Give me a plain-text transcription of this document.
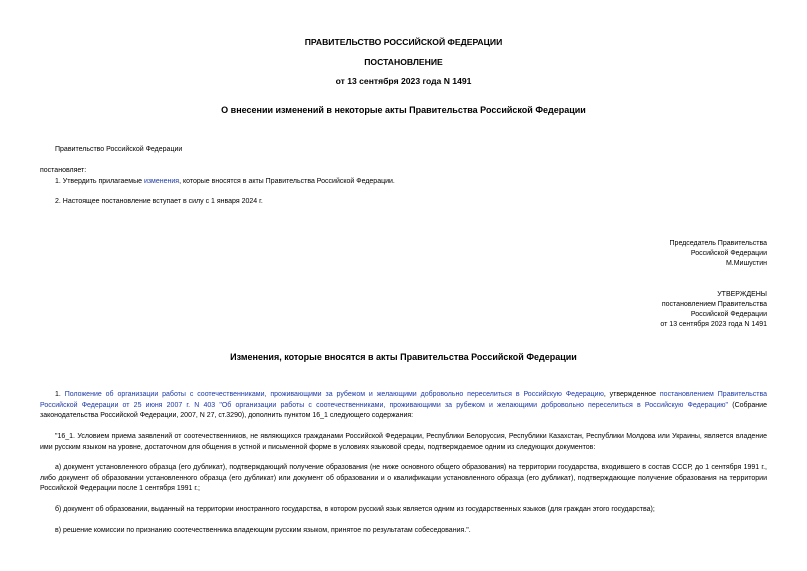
ПРАВИТЕЛЬСТВО РОССИЙСКОЙ ФЕДЕРАЦИИ
ПОСТАНОВЛЕНИЕ
от 13 сентября 2023 года N 1491
О внесении изменений в некоторые акты Правительства Российской Федерации
Правительство Российской Федерации
постановляет:
1. Утвердить прилагаемые изменения, которые вносятся в акты Правительства Российской Федерации.
2. Настоящее постановление вступает в силу с 1 января 2024 г.
Председатель Правительства
Российской Федерации
М.Мишустин
УТВЕРЖДЕНЫ
постановлением Правительства
Российской Федерации
от 13 сентября 2023 года N 1491
Изменения, которые вносятся в акты Правительства Российской Федерации
1. Положение об организации работы с соотечественниками, проживающими за рубежом и желающими добровольно переселиться в Российскую Федерацию, утвержденное постановлением Правительства Российской Федерации от 25 июня 2007 г. N 403 "Об организации работы с соотечественниками, проживающими за рубежом и желающими добровольно переселиться в Российскую Федерацию" (Собрание законодательства Российской Федерации, 2007, N 27, ст.3290), дополнить пунктом 16_1 следующего содержания:
"16_1. Условием приема заявлений от соотечественников, не являющихся гражданами Российской Федерации, Республики Белоруссия, Республики Казахстан, Республики Молдова или Украины, является владение ими русским языком на уровне, достаточном для общения в устной и письменной форме в условиях языковой среды, подтверждаемое одним из следующих документов:
а) документ установленного образца (его дубликат), подтверждающий получение образования (не ниже основного общего образования) на территории государства, входившего в состав СССР, до 1 сентября 1991 г., либо документ об образовании установленного образца (его дубликат) или документ об образовании и о квалификации установленного образца (его дубликат), подтверждающие получение образования на территории Российской Федерации после 1 сентября 1991 г.;
б) документ об образовании, выданный на территории иностранного государства, в котором русский язык является одним из государственных языков (для граждан этого государства);
в) решение комиссии по признанию соотечественника владеющим русским языком, принятое по результатам собеседования.".
